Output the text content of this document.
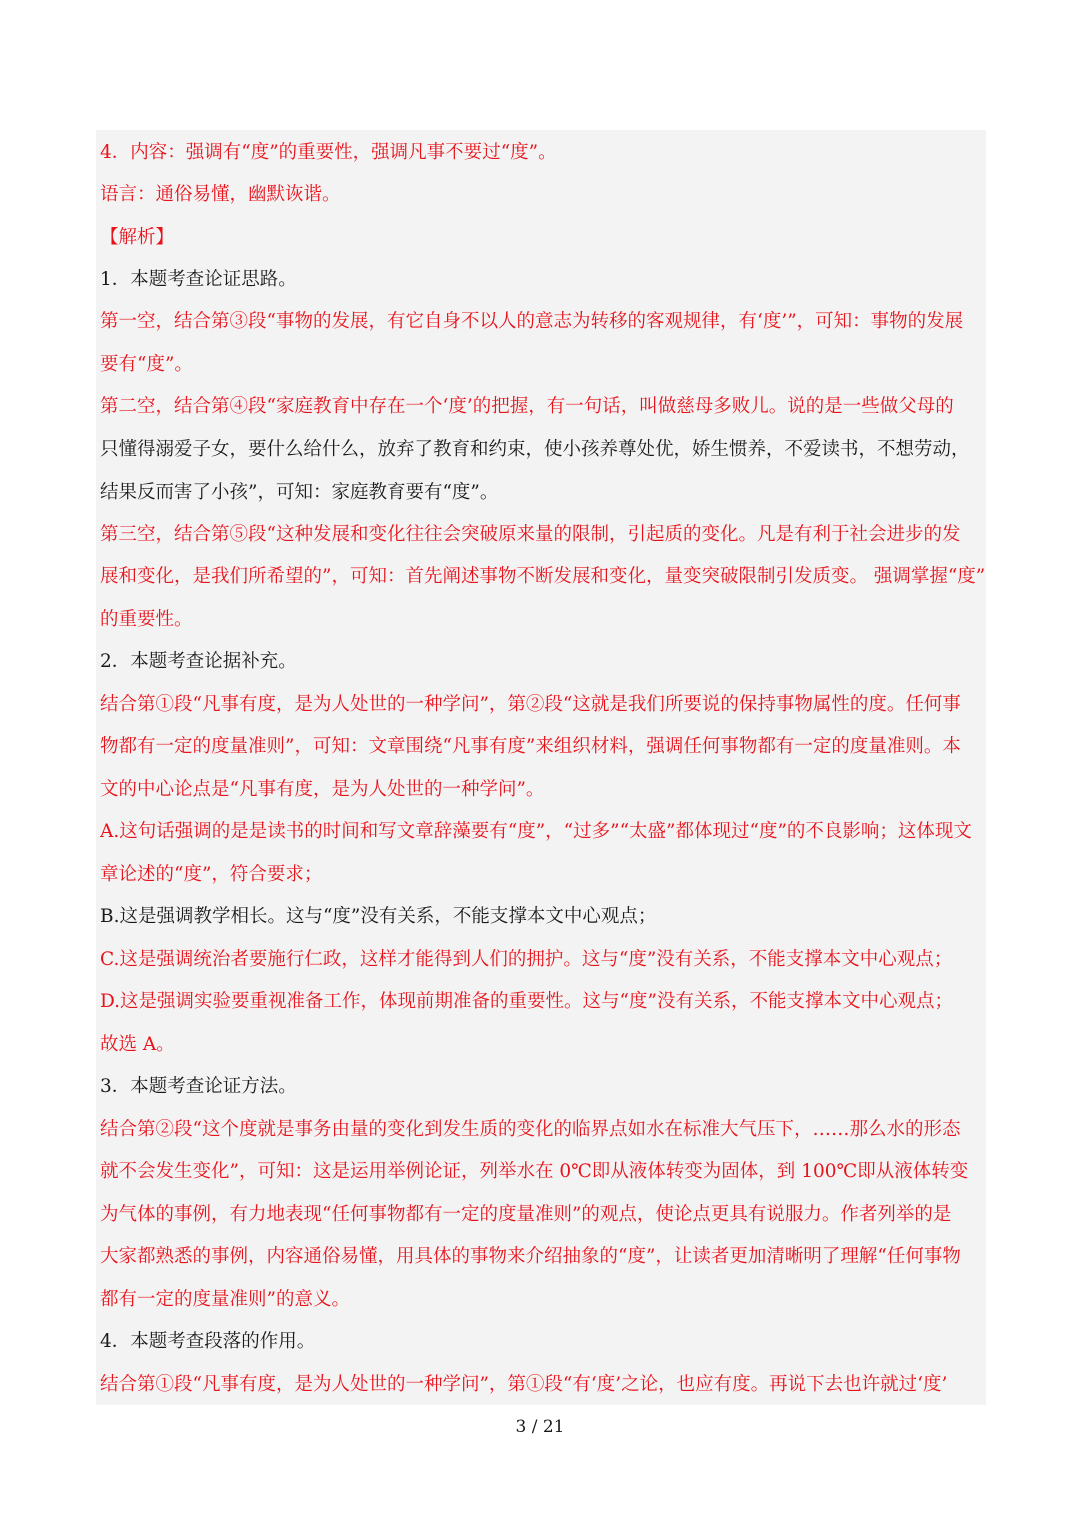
4．内容：强调有“度”的重要性，强调凡事不要过“度”。
语言：通俗易懂，幽默诙谐。
【解析】
1．本题考查论证思路。
第一空，结合第③段“事物的发展，有它自身不以人的意志为转移的客观规律，有‘度’”，可知：事物的发展
要有“度”。
第二空，结合第④段“家庭教育中存在一个‘度’的把握，有一句话，叫做慈母多败儿。说的是一些做父母的
只懂得溺爱子女，要什么给什么，放弃了教育和约束，使小孩养尊处优，娇生惯养，不爱读书，不想劳动，
结果反而害了小孩”，可知：家庭教育要有“度”。
第三空，结合第⑤段“这种发展和变化往往会突破原来量的限制，引起质的变化。凡是有利于社会进步的发
展和变化，是我们所希望的”，可知：首先阐述事物不断发展和变化，量变突破限制引发质变。 强调掌握“度”
的重要性。
2．本题考查论据补充。
结合第①段“凡事有度，是为人处世的一种学问”，第②段“这就是我们所要说的保持事物属性的度。任何事
物都有一定的度量准则”，可知：文章围绕“凡事有度”来组织材料，强调任何事物都有一定的度量准则。本
文的中心论点是“凡事有度，是为人处世的一种学问”。
A.这句话强调的是是读书的时间和写文章辞藻要有“度”，“过多”“太盛”都体现过“度”的不良影响；这体现文
章论述的“度”，符合要求；
B.这是强调教学相长。这与“度”没有关系，不能支撑本文中心观点；
C.这是强调统治者要施行仁政，这样才能得到人们的拥护。这与“度”没有关系，不能支撑本文中心观点；
D.这是强调实验要重视准备工作，体现前期准备的重要性。这与“度”没有关系，不能支撑本文中心观点；
故选 A。
3．本题考查论证方法。
结合第②段“这个度就是事务由量的变化到发生质的变化的临界点如水在标准大气压下，……那么水的形态
就不会发生变化”，可知：这是运用举例论证，列举水在 0℃即从液体转变为固体，到 100℃即从液体转变
为气体的事例，有力地表现“任何事物都有一定的度量准则”的观点，使论点更具有说服力。作者列举的是
大家都熟悉的事例，内容通俗易懂，用具体的事物来介绍抽象的“度”，让读者更加清晰明了理解“任何事物
都有一定的度量准则”的意义。
4．本题考查段落的作用。
结合第①段“凡事有度，是为人处世的一种学问”，第①段“有‘度’之论，也应有度。再说下去也许就过‘度’
3 / 21
